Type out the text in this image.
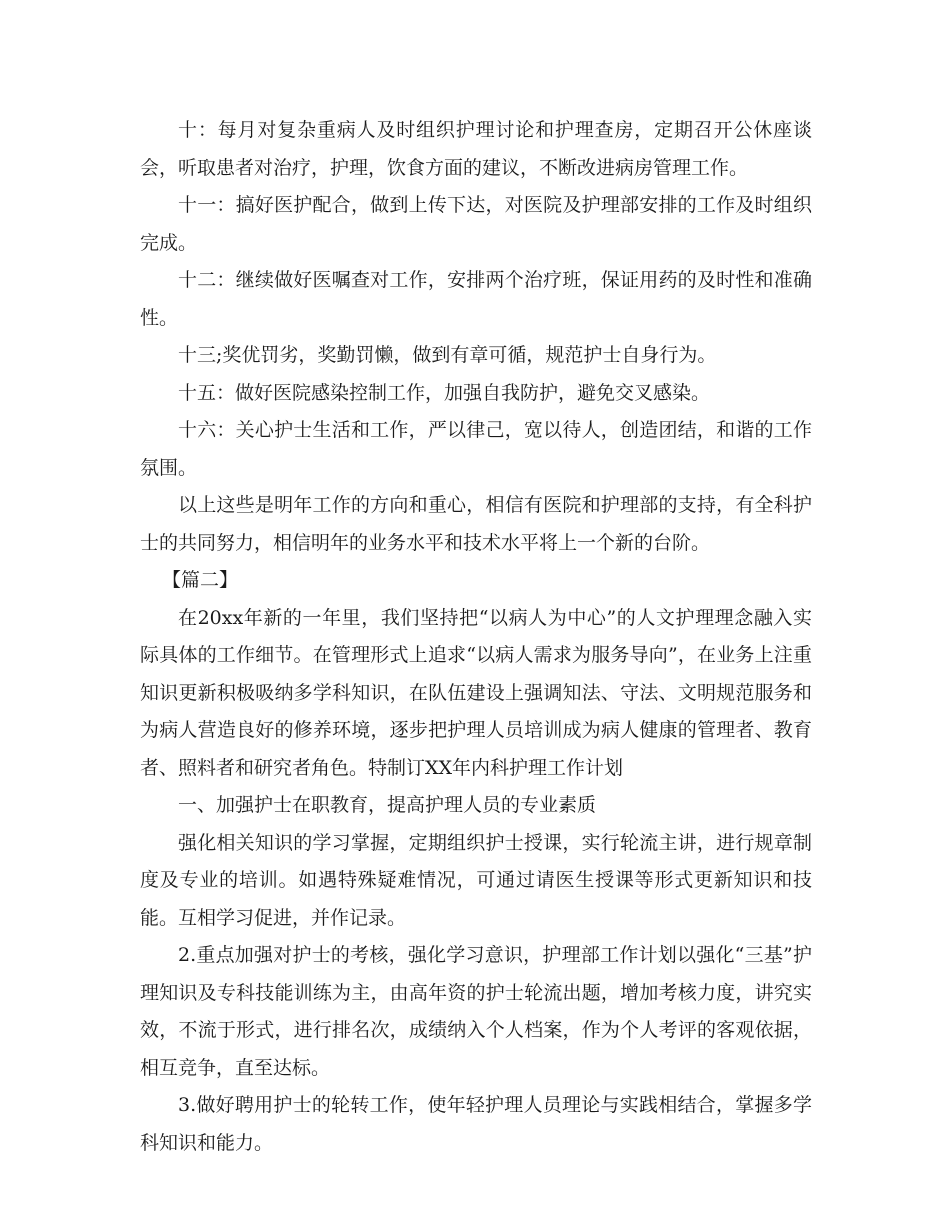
十：每月对复杂重病人及时组织护理讨论和护理查房，定期召开公休座谈会，听取患者对治疗，护理，饮食方面的建议，不断改进病房管理工作。

十一：搞好医护配合，做到上传下达，对医院及护理部安排的工作及时组织完成。

十二：继续做好医嘱查对工作，安排两个治疗班，保证用药的及时性和准确性。

十三;奖优罚劣，奖勤罚懒，做到有章可循，规范护士自身行为。

十五：做好医院感染控制工作，加强自我防护，避免交叉感染。

十六：关心护士生活和工作，严以律己，宽以待人，创造团结，和谐的工作氛围。

以上这些是明年工作的方向和重心，相信有医院和护理部的支持，有全科护士的共同努力，相信明年的业务水平和技术水平将上一个新的台阶。

【篇二】

在20xx年新的一年里，我们坚持把“以病人为中心”的人文护理理念融入实际具体的工作细节。在管理形式上追求“以病人需求为服务导向”，在业务上注重知识更新积极吸纳多学科知识，在队伍建设上强调知法、守法、文明规范服务和为病人营造良好的修养环境，逐步把护理人员培训成为病人健康的管理者、教育者、照料者和研究者角色。特制订XX年内科护理工作计划

一、加强护士在职教育，提高护理人员的专业素质

强化相关知识的学习掌握，定期组织护士授课，实行轮流主讲，进行规章制度及专业的培训。如遇特殊疑难情况，可通过请医生授课等形式更新知识和技能。互相学习促进，并作记录。

2.重点加强对护士的考核，强化学习意识，护理部工作计划以强化“三基”护理知识及专科技能训练为主，由高年资的护士轮流出题，增加考核力度，讲究实效，不流于形式，进行排名次，成绩纳入个人档案，作为个人考评的客观依据，相互竞争，直至达标。

3.做好聘用护士的轮转工作，使年轻护理人员理论与实践相结合，掌握多学科知识和能力。
